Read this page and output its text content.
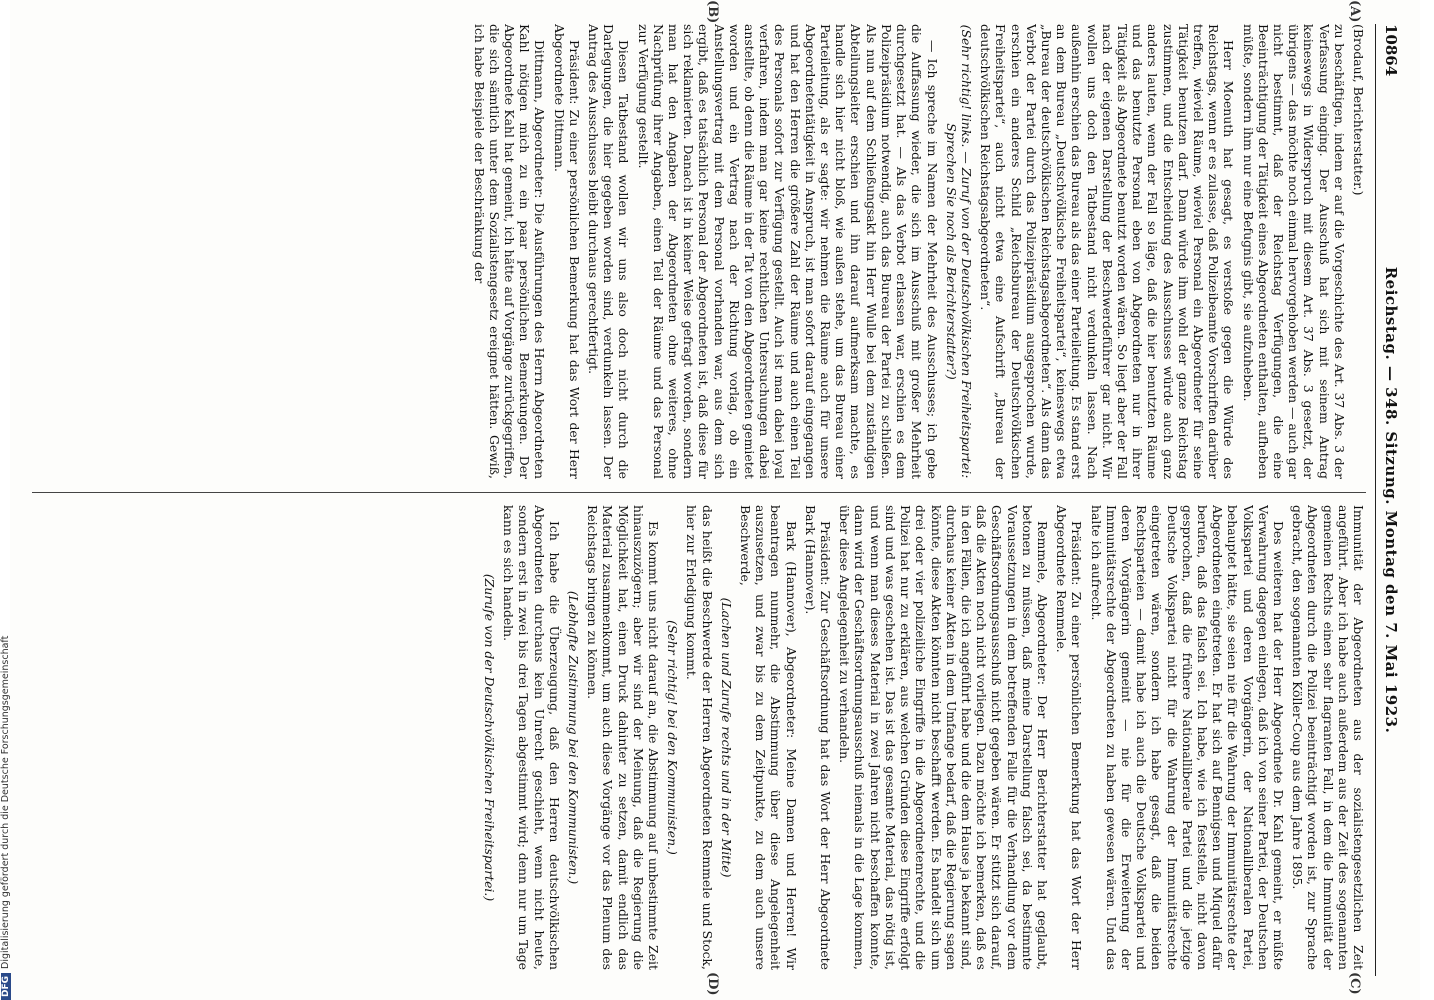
10864
Reichstag. — 348. Sitzung. Montag den 7. Mai 1923.
(A)
(B)
(C)
(D)

(Brodauf, Berichterstatter.)

zu beschäftigen, indem er auf die Vorgeschichte des Art. 37 Abs. 3 der Verfassung einging. Der Ausschuß hat sich mit seinem Antrag keineswegs in Widerspruch mit diesem Art. 37 Abs. 3 gesetzt, der übrigens — das möchte noch einmal hervorgehoben werden — auch gar nicht bestimmt, daß der Reichstag Verfügungen, die eine Beeinträchtigung der Tätigkeit eines Abgeordneten enthalten, aufheben müßte, sondern ihm nur eine Befugnis gibt, sie aufzuheben.

Herr Moenuth hat gesagt, es verstoße gegen die Würde des Reichstags, wenn er es zulasse, daß Polizeibeamte Vorschriften darüber treffen, wieviel Räume, wieviel Personal ein Abgeordneter für seine Tätigkeit benutzen darf. Dann würde ihm wohl der ganze Reichstag zustimmen, und die Entscheidung des Ausschusses würde auch ganz anders lauten, wenn der Fall so läge, daß die hier benutzten Räume und das benutzte Personal eben von Abgeordneten nur in ihrer Tätigkeit als Abgeordnete benutzt worden wären. So liegt aber der Fall nach der eigenen Darstellung der Beschwerdeführer gar nicht. Wir wollen uns doch den Tatbestand nicht verdunkeln lassen. Nach außenhin erschien das Bureau als das einer Parteileitung. Es stand erst an dem Bureau „Deutschvölkische Freiheitspartei“, keineswegs etwa „Bureau der deutschvölkischen Reichstagsabgeordneten“. Als dann das Verbot der Partei durch das Polizeipräsidium ausgesprochen wurde, erschien ein anderes Schild „Reichsbureau der Deutschvölkischen Freiheitspartei“, auch nicht etwa eine Aufschrift „Bureau der deutschvölkischen Reichstagsabgeordneten“.

(Sehr richtig! links. — Zuruf von der Deutschvölkischen Freiheitspartei: Sprechen Sie noch als Berichterstatter?)

— Ich spreche im Namen der Mehrheit des Ausschusses; ich gebe die Auffassung wieder, die sich im Ausschuß mit großer Mehrheit durchgesetzt hat. — Als das Verbot erlassen war, erschien es dem Polizeipräsidium notwendig, auch das Bureau der Partei zu schließen. Als nun auf dem Schließungsakt hin Herr Wulle bei dem zuständigen Abteilungsleiter erschien und ihn darauf aufmerksam machte, es handle sich hier nicht bloß, wie außen stehe, um das Bureau einer Parteileitung, als er sagte: wir nehmen die Räume auch für unsere Abgeordnetentätigkeit in Anspruch, ist man sofort darauf eingegangen und hat den Herren die größere Zahl der Räume und auch einen Teil des Personals sofort zur Verfügung gestellt. Auch ist man dabei loyal verfahren, indem man gar keine rechtlichen Untersuchungen dabei anstellte, ob denn die Räume in der Tat von den Abgeordneten gemietet worden und ein Vertrag nach der Richtung vorlag, ob ein Anstellungsvertrag mit dem Personal vorhanden war, aus dem sich ergibt, daß es tatsächlich Personal der Abgeordneten ist, daß diese für sich reklamierten. Danach ist in keiner Weise gefragt worden, sondern man hat den Angaben der Abgeordneten ohne weiteres, ohne Nachprüfung ihrer Angaben, einen Teil der Räume und das Personal zur Verfügung gestellt.

Diesen Tatbestand wollen wir uns also doch nicht durch die Darlegungen, die hier gegeben worden sind, verdunkeln lassen. Der Antrag des Ausschusses bleibt durchaus gerechtfertigt.

Präsident: Zu einer persönlichen Bemerkung hat das Wort der Herr Abgeordnete Dittmann.

Dittmann, Abgeordneter: Die Ausführungen des Herrn Abgeordneten Kahl nötigen mich zu ein paar persönlichen Bemerkungen. Der Abgeordnete Kahl hat gemeint, ich hätte auf Vorgänge zurückgegriffen, die sich sämtlich unter dem Sozialistengesetz ereignet hätten. Gewiß, ich habe Beispiele der Beschränkung der

Immunität der Abgeordneten aus der sozialistengesetzlichen Zeit angeführt. Aber ich habe auch außerdem aus der Zeit des sogenannten gemeinen Rechts einen sehr flagranten Fall, in dem die Immunität der Abgeordneten durch die Polizei beeinträchtigt worden ist, zur Sprache gebracht, den sogenannten Köller-Coup aus dem Jahre 1895.

Des weiteren hat der Herr Abgeordnete Dr. Kahl gemeint, er müßte Verwahrung dagegen einlegen, daß ich von seiner Partei, der Deutschen Volkspartei und deren Vorgängerin, der Nationalliberalen Partei, behauptet hätte, sie seien nie für die Wahrung der Immunitätsrechte der Abgeordneten eingetreten. Er hat sich auf Bennigsen und Miquel dafür berufen, daß das falsch sei. Ich habe, wie ich feststelle, nicht davon gesprochen, daß die frühere Nationalliberale Partei und die jetzige Deutsche Volkspartei nicht für die Wahrung der Immunitätsrechte eingetreten wären, sondern ich habe gesagt, daß die beiden Rechtsparteien — damit habe ich auch die Deutsche Volkspartei und deren Vorgängerin gemeint — nie für die Erweiterung der Immunitätsrechte der Abgeordneten zu haben gewesen wären. Und das halte ich aufrecht.

Präsident: Zu einer persönlichen Bemerkung hat das Wort der Herr Abgeordnete Remmele.

Remmele, Abgeordneter: Der Herr Berichterstatter hat geglaubt, betonen zu müssen, daß meine Darstellung falsch sei, da bestimmte Voraussetzungen in dem betreffenden Falle für die Verhandlung vor dem Geschäftsordnungsausschuß nicht gegeben wären. Er stützt sich darauf, daß die Akten noch nicht vorliegen. Dazu möchte ich bemerken, daß es in den Fällen, die ich angeführt habe und die dem Hause ja bekannt sind, durchaus keiner Akten in dem Umfange bedarf, daß die Regierung sagen könnte, diese Akten könnten nicht beschafft werden. Es handelt sich um drei oder vier polizeiliche Eingriffe in die Abgeordnetenrechte, und die Polizei hat nur zu erklären, aus welchen Gründen diese Eingriffe erfolgt sind und was geschehen ist. Das ist das gesamte Material, das nötig ist, und wenn man dieses Material in zwei Jahren nicht beschaffen konnte, dann wird der Geschäftsordnungsausschuß niemals in die Lage kommen, über diese Angelegenheit zu verhandeln.

Präsident: Zur Geschäftsordnung hat das Wort der Herr Abgeordnete Bark (Hannover).

Bark (Hannover), Abgeordneter: Meine Damen und Herren! Wir beantragen nunmehr, die Abstimmung über diese Angelegenheit auszusetzen, und zwar bis zu dem Zeitpunkte, zu dem auch unsere Beschwerde,

(Lachen und Zurufe rechts und in der Mitte)

das heißt die Beschwerde der Herren Abgeordneten Remmele und Stock, hier zur Erledigung kommt.

(Sehr richtig! bei den Kommunisten.)

Es kommt uns nicht darauf an, die Abstimmung auf unbestimmte Zeit hinauszuzögern; aber wir sind der Meinung, daß die Regierung die Möglichkeit hat, einen Druck dahinter zu setzen, damit endlich das Material zusammenkommt, um auch diese Vorgänge vor das Plenum des Reichstags bringen zu können.

(Lebhafte Zustimmung bei den Kommunisten.)

Ich habe die Überzeugung, daß den Herren deutschvölkischen Abgeordneten durchaus kein Unrecht geschieht, wenn nicht heute, sondern erst in zwei bis drei Tagen abgestimmt wird; denn nur um Tage kann es sich handeln.

(Zurufe von der Deutschvölkischen Freiheitspartei.)

DFGDigitalisierung gefördert durch die Deutsche Forschungsgemeinschaft
